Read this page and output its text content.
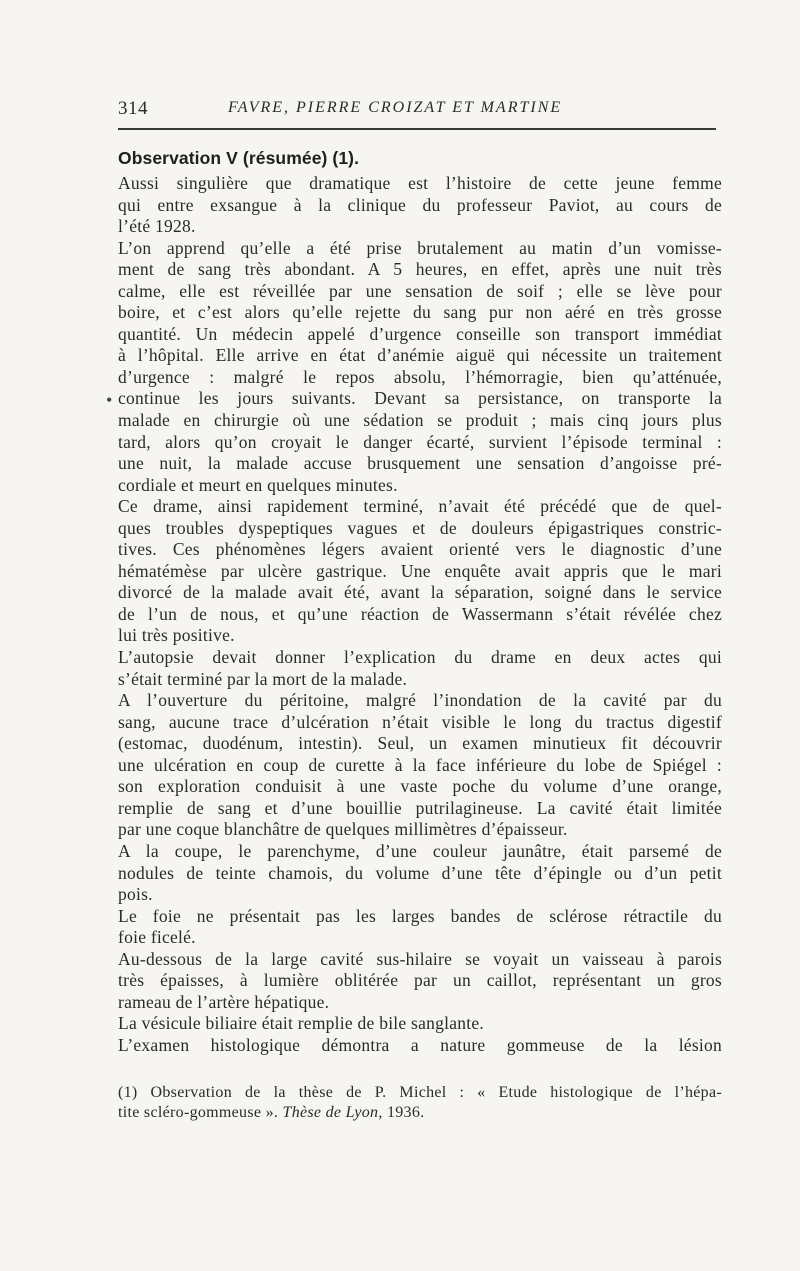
314	FAVRE, PIERRE CROIZAT ET MARTINE
Observation V (résumée) (1).
•
Aussi singulière que dramatique est l’histoire de cette jeune femme
qui entre exsangue à la clinique du professeur Paviot, au cours de
l’été 1928.
L’on apprend qu’elle a été prise brutalement au matin d’un vomisse-
ment de sang très abondant. A 5 heures, en effet, après une nuit très
calme, elle est réveillée par une sensation de soif ; elle se lève pour
boire, et c’est alors qu’elle rejette du sang pur non aéré en très grosse
quantité. Un médecin appelé d’urgence conseille son transport immédiat
à l’hôpital. Elle arrive en état d’anémie aiguë qui nécessite un traitement
d’urgence : malgré le repos absolu, l’hémorragie, bien qu’atténuée,
continue les jours suivants. Devant sa persistance, on transporte la
malade en chirurgie où une sédation se produit ; mais cinq jours plus
tard, alors qu’on croyait le danger écarté, survient l’épisode terminal :
une nuit, la malade accuse brusquement une sensation d’angoisse pré-
cordiale et meurt en quelques minutes.
Ce drame, ainsi rapidement terminé, n’avait été précédé que de quel-
ques troubles dyspeptiques vagues et de douleurs épigastriques constric-
tives. Ces phénomènes légers avaient orienté vers le diagnostic d’une
hématémèse par ulcère gastrique. Une enquête avait appris que le mari
divorcé de la malade avait été, avant la séparation, soigné dans le service
de l’un de nous, et qu’une réaction de Wassermann s’était révélée chez
lui très positive.
L’autopsie devait donner l’explication du drame en deux actes qui
s’était terminé par la mort de la malade.
A l’ouverture du péritoine, malgré l’inondation de la cavité par du
sang, aucune trace d’ulcération n’était visible le long du tractus digestif
(estomac, duodénum, intestin). Seul, un examen minutieux fit découvrir
une ulcération en coup de curette à la face inférieure du lobe de Spiégel :
son exploration conduisit à une vaste poche du volume d’une orange,
remplie de sang et d’une bouillie putrilagineuse. La cavité était limitée
par une coque blanchâtre de quelques millimètres d’épaisseur.
A la coupe, le parenchyme, d’une couleur jaunâtre, était parsemé de
nodules de teinte chamois, du volume d’une tête d’épingle ou d’un petit
pois.
Le foie ne présentait pas les larges bandes de sclérose rétractile du
foie ficelé.
Au-dessous de la large cavité sus-hilaire se voyait un vaisseau à parois
très épaisses, à lumière oblitérée par un caillot, représentant un gros
rameau de l’artère hépatique.
La vésicule biliaire était remplie de bile sanglante.
L’examen histologique démontra a nature gommeuse de la lésion
(1) Observation de la thèse de P. Michel : « Etude histologique de l’hépa-
tite scléro-gommeuse ». Thèse de Lyon, 1936.
